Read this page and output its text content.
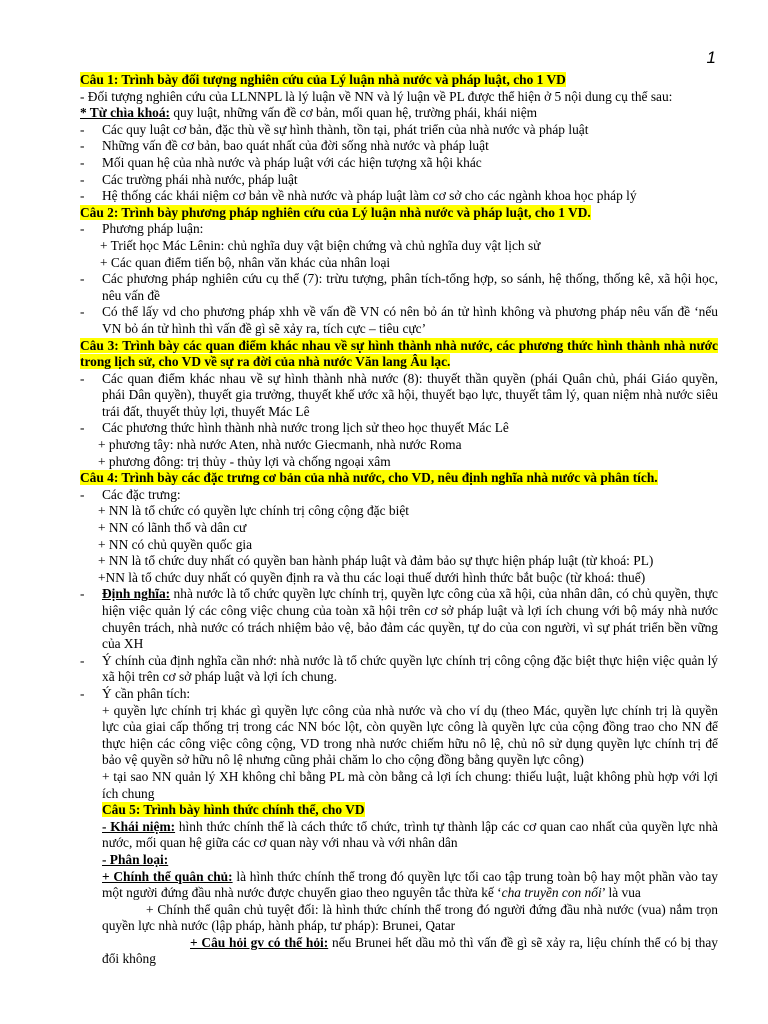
1
Câu 1: Trình bày đối tượng nghiên cứu của Lý luận nhà nước và pháp luật, cho 1 VD
- Đối tượng nghiên cứu của LLNNPL là lý luận về NN và lý luận về PL được thể hiện ở 5 nội dung cụ thể sau:
* Từ chìa khoá: quy luật, những vấn đề cơ bản, mối quan hệ, trường phái, khái niệm
-	Các quy luật cơ bản, đặc thù về sự hình thành, tồn tại, phát triển của nhà nước và pháp luật
-	Những vấn đề cơ bản, bao quát nhất của đời sống nhà nước và pháp luật
-	Mối quan hệ của nhà nước và pháp luật với các hiện tượng xã hội khác
-	Các trường phái nhà nước, pháp luật
-	Hệ thống các khái niệm cơ bản về nhà nước và pháp luật làm cơ sở cho các ngành khoa học pháp lý
Câu 2: Trình bày phương pháp nghiên cứu của Lý luận nhà nước và pháp luật, cho 1 VD.
-	Phương pháp luận:
+ Triết học Mác Lênin: chủ nghĩa duy vật biện chứng và chủ nghĩa duy vật lịch sử
+ Các quan điểm tiến bộ, nhân văn khác của nhân loại
-	Các phương pháp nghiên cứu cụ thể (7): trừu tượng, phân tích-tổng hợp, so sánh, hệ thống, thống kê, xã hội học, nêu vấn đề
-	Có thể lấy vd cho phương pháp xhh về vấn đề VN có nên bỏ án tử hình không và phương pháp nêu vấn đề ‘nếu VN bỏ án tử hình thì vấn đề gì sẽ xảy ra, tích cực – tiêu cực’
Câu 3: Trình bày các quan điểm khác nhau về sự hình thành nhà nước, các phương thức hình thành nhà nước trong lịch sử, cho VD về sự ra đời của nhà nước Văn lang Âu lạc.
-	Các quan điểm khác nhau về sự hình thành nhà nước (8): thuyết thần quyền (phái Quân chủ, phái Giáo quyền, phái Dân quyền), thuyết gia trưởng, thuyết khế ước xã hội, thuyết bạo lực, thuyết tâm lý, quan niệm nhà nước siêu trái đất, thuyết thủy lợi, thuyết Mác Lê
-	Các phương thức hình thành nhà nước trong lịch sử theo học thuyết Mác Lê
+ phương tây: nhà nước Aten, nhà nước Giecmanh, nhà nước Roma
+ phương đông: trị thủy - thủy lợi và chống ngoại xâm
Câu 4: Trình bày các đặc trưng cơ bản của nhà nước, cho VD, nêu định nghĩa nhà nước và phân tích.
-	Các đặc trưng:
+ NN là tổ chức có quyền lực chính trị công cộng đặc biệt
+ NN có lãnh thổ và dân cư
+ NN có chủ quyền quốc gia
+ NN là tổ chức duy nhất có quyền ban hành pháp luật và đảm bảo sự thực hiện pháp luật (từ khoá: PL)
+NN là tổ chức duy nhất có quyền định ra và thu các loại thuế dưới hình thức bắt buộc (từ khoá: thuế)
-	Định nghĩa: nhà nước là tổ chức quyền lực chính trị, quyền lực công của xã hội, của nhân dân, có chủ quyền, thực hiện việc quản lý các công việc chung của toàn xã hội trên cơ sở pháp luật và lợi ích chung với bộ máy nhà nước chuyên trách, nhà nước có trách nhiệm bảo vệ, bảo đảm các quyền, tự do của con người, vì sự phát triển bền vững của XH
-	Ý chính của định nghĩa cần nhớ: nhà nước là tổ chức quyền lực chính trị công cộng đặc biệt thực hiện việc quản lý xã hội trên cơ sở pháp luật và lợi ích chung.
-	Ý cần phân tích:
+ quyền lực chính trị khác gì quyền lực công của nhà nước và cho ví dụ (theo Mác, quyền lực chính trị là quyền lực của giai cấp thống trị trong các NN bóc lột, còn quyền lực công là quyền lực của cộng đồng trao cho NN để thực hiện các công việc công cộng, VD trong nhà nước chiếm hữu nô lệ, chủ nô sử dụng quyền lực chính trị để bảo vệ quyền sở hữu nô lệ nhưng cũng phải chăm lo cho cộng đồng bằng quyền lực công)
+ tại sao NN quản lý XH không chỉ bằng PL mà còn bằng cả lợi ích chung: thiếu luật, luật không phù hợp với lợi ích chung
Câu 5: Trình bày hình thức chính thể, cho VD
- Khái niệm: hình thức chính thể là cách thức tổ chức, trình tự thành lập các cơ quan cao nhất của quyền lực nhà nước, mối quan hệ giữa các cơ quan này với nhau và với nhân dân
- Phân loại:
+ Chính thể quân chủ: là hình thức chính thể trong đó quyền lực tối cao tập trung toàn bộ hay một phần vào tay một người đứng đầu nhà nước được chuyển giao theo nguyên tắc thừa kế ‘cha truyền con nối’ là vua
+ Chính thể quân chủ tuyệt đối: là hình thức chính thể trong đó người đứng đầu nhà nước (vua) nắm trọn quyền lực nhà nước (lập pháp, hành pháp, tư pháp): Brunei, Qatar
+ Câu hỏi gv có thể hỏi: nếu Brunei hết dầu mỏ thì vấn đề gì sẽ xảy ra, liệu chính thể có bị thay đổi không
